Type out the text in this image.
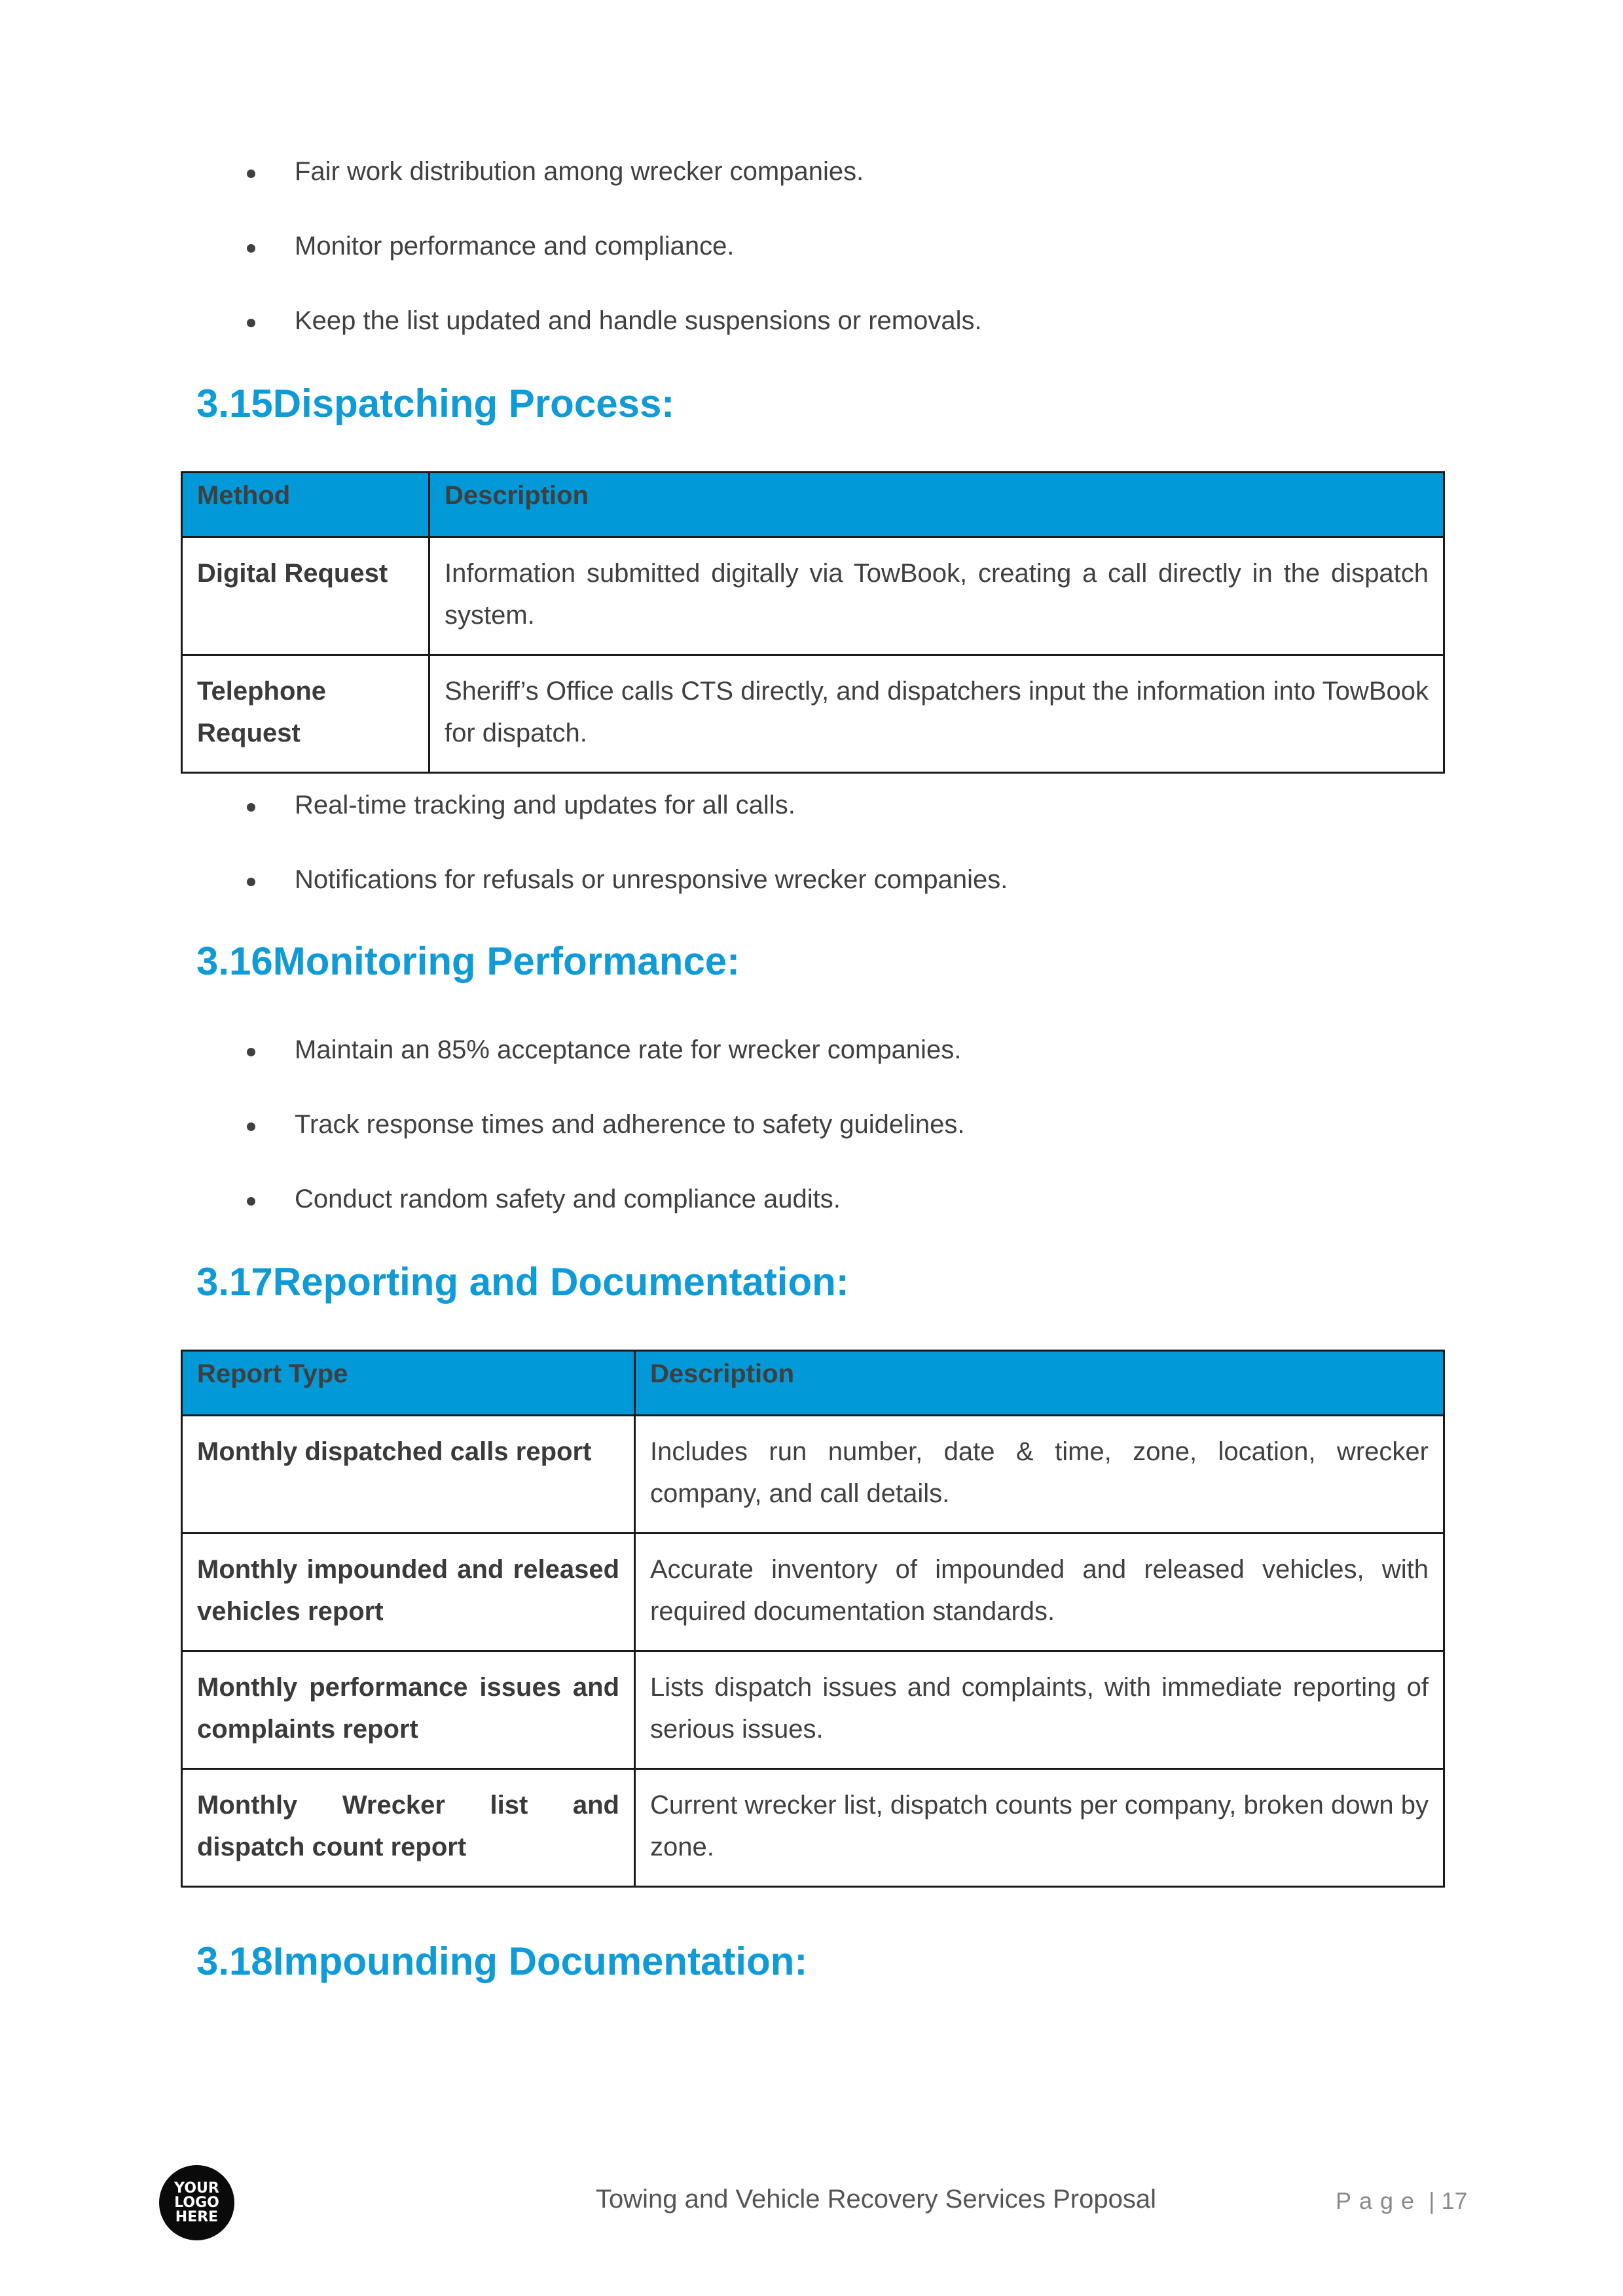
Fair work distribution among wrecker companies.
Monitor performance and compliance.
Keep the list updated and handle suspensions or removals.
3.15Dispatching Process:
Method	Description
Digital Request	Information submitted digitally via TowBook, creating a call directly in the dispatch system.
Telephone Request	Sheriff’s Office calls CTS directly, and dispatchers input the information into TowBook for dispatch.
Real-time tracking and updates for all calls.
Notifications for refusals or unresponsive wrecker companies.
3.16Monitoring Performance:
Maintain an 85% acceptance rate for wrecker companies.
Track response times and adherence to safety guidelines.
Conduct random safety and compliance audits.
3.17Reporting and Documentation:
Report Type	Description
Monthly dispatched calls report	Includes run number, date & time, zone, location, wrecker company, and call details.
Monthly impounded and released vehicles report	Accurate inventory of impounded and released vehicles, with required documentation standards.
Monthly performance issues and complaints report	Lists dispatch issues and complaints, with immediate reporting of serious issues.
Monthly Wrecker list and dispatch count report	Current wrecker list, dispatch counts per company, broken down by zone.
3.18Impounding Documentation:
YOUR
LOGO
HERE
Towing and Vehicle Recovery Services Proposal	Page | 17
